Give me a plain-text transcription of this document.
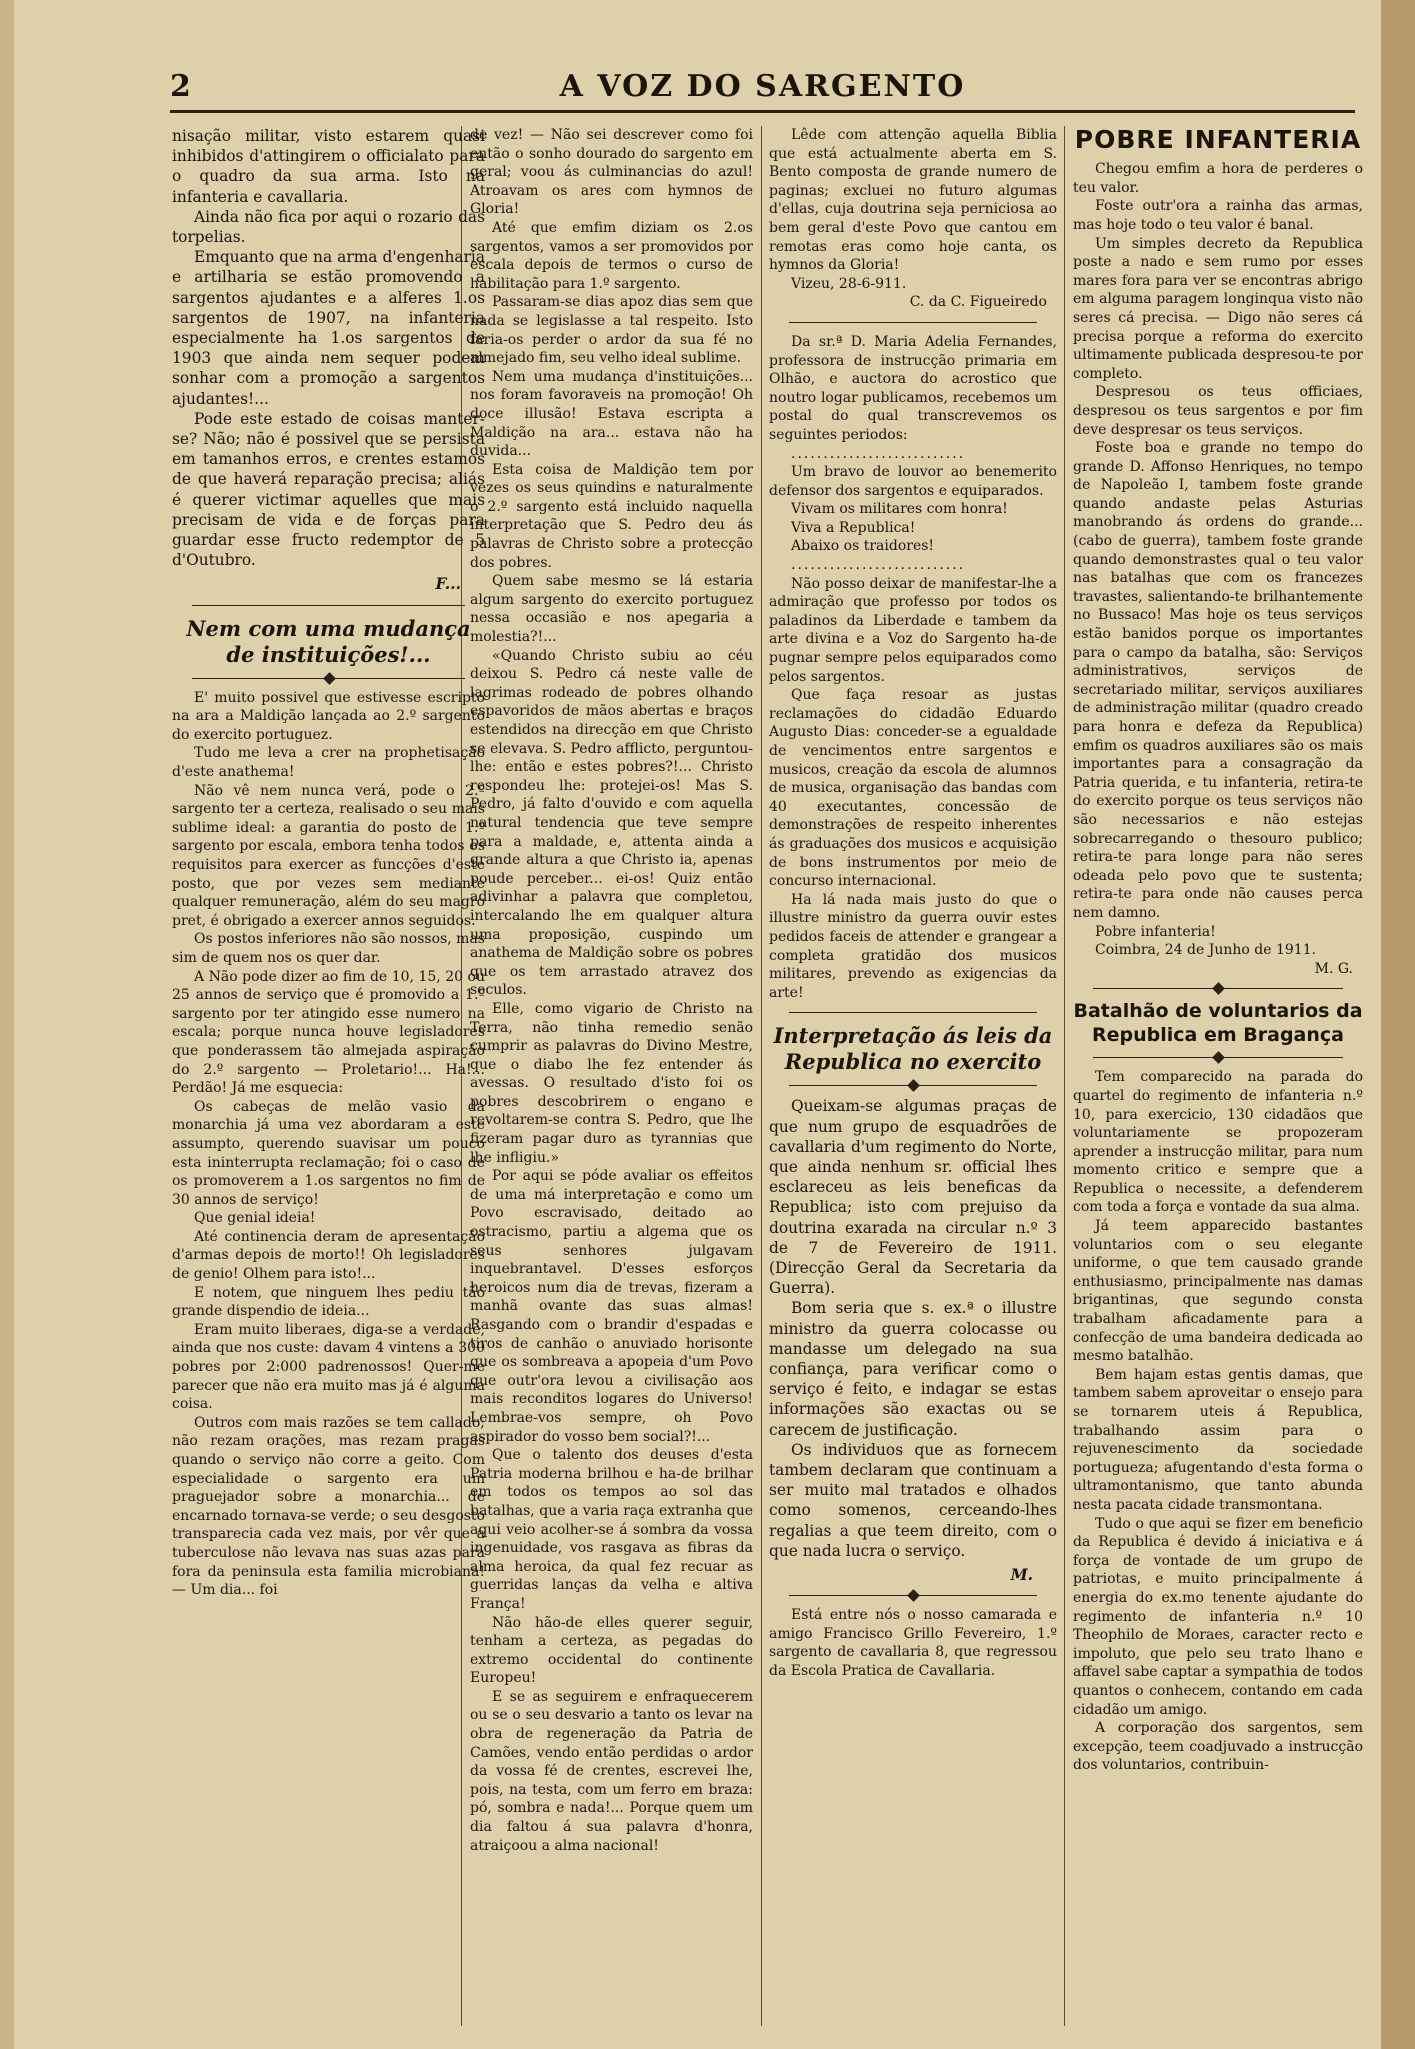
2	A VOZ DO SARGENTO

nisação militar, visto estarem quasi inhibidos d'attingirem o officialato para o quadro da sua arma. Isto na infanteria e cavallaria.

Ainda não fica por aqui o rozario das torpelias.

Emquanto que na arma d'engenharia e artilharia se estão promovendo a sargentos ajudantes e a alferes 1.os sargentos de 1907, na infanteria especialmente ha 1.os sargentos de 1903 que ainda nem sequer podem sonhar com a promoção a sargentos ajudantes!...

Pode este estado de coisas manter-se? Não; não é possivel que se persista em tamanhos erros, e crentes estamos de que haverá reparação precisa; aliás é querer victimar aquelles que mais precisam de vida e de forças para guardar esse fructo redemptor de 5 d'Outubro.

F...
Nem com uma mudança de instituições!...

E' muito possivel que estivesse escripto na ara a Maldição lançada ao 2.º sargento do exercito portuguez.

Tudo me leva a crer na prophetisação d'este anathema!

Não vê nem nunca verá, pode o 2.º sargento ter a certeza, realisado o seu mais sublime ideal: a garantia do posto de 1.º sargento por escala, embora tenha todos os requisitos para exercer as funcções d'este posto, que por vezes sem mediante qualquer remuneração, além do seu magro pret, é obrigado a exercer annos seguidos.

Os postos inferiores não são nossos, mas sim de quem nos os quer dar.

A Não pode dizer ao fim de 10, 15, 20 ou 25 annos de serviço que é promovido a 1.º sargento por ter atingido esse numero na escala; porque nunca houve legisladores que ponderassem tão almejada aspiração do 2.º sargento — Proletario!... Ha!... Perdão! Já me esquecia:

Os cabeças de melão vasio da monarchia já uma vez abordaram a este assumpto, querendo suavisar um pouco esta ininterrupta reclamação; foi o caso de os promoverem a 1.os sargentos no fim de 30 annos de serviço!

Que genial ideia!

Até continencia deram de apresentação d'armas depois de morto!! Oh legisladores de genio! Olhem para isto!...

E notem, que ninguem lhes pediu tão grande dispendio de ideia...

Eram muito liberaes, diga-se a verdade, ainda que nos custe: davam 4 vintens a 300 pobres por 2:000 padrenossos! Quer-me parecer que não era muito mas já é alguma coisa.

Outros com mais razões se tem callado; não rezam orações, mas rezam pragas quando o serviço não corre a geito. Com especialidade o sargento era um praguejador sobre a monarchia... de encarnado tornava-se verde; o seu desgosto transparecia cada vez mais, por vêr que a tuberculose não levava nas suas azas para fora da peninsula esta familia microbiana! — Um dia... foi

de vez! — Não sei descrever como foi então o sonho dourado do sargento em geral; voou ás culminancias do azul! Atroavam os ares com hymnos de Gloria!

Até que emfim diziam os 2.os sargentos, vamos a ser promovidos por escala depois de termos o curso de habilitação para 1.º sargento.

Passaram-se dias apoz dias sem que nada se legislasse a tal respeito. Isto faria-os perder o ardor da sua fé no almejado fim, seu velho ideal sublime.

Nem uma mudança d'instituições... nos foram favoraveis na promoção! Oh doce illusão! Estava escripta a Maldição na ara... estava não ha duvida...

Esta coisa de Maldição tem por vezes os seus quindins e naturalmente o 2.º sargento está incluido naquella interpretação que S. Pedro deu ás palavras de Christo sobre a protecção dos pobres.

Quem sabe mesmo se lá estaria algum sargento do exercito portuguez nessa occasião e nos apegaria a molestia?!...

«Quando Christo subiu ao céu deixou S. Pedro cá neste valle de lagrimas rodeado de pobres olhando espavoridos de mãos abertas e braços estendidos na direcção em que Christo se elevava. S. Pedro afflicto, perguntou-lhe: então e estes pobres?!... Christo respondeu lhe: protejei-os! Mas S. Pedro, já falto d'ouvido e com aquella natural tendencia que teve sempre para a maldade, e, attenta ainda a grande altura a que Christo ia, apenas poude perceber... ei-os! Quiz então adivinhar a palavra que completou, intercalando lhe em qualquer altura uma proposição, cuspindo um anathema de Maldição sobre os pobres que os tem arrastado atravez dos seculos.

Elle, como vigario de Christo na Terra, não tinha remedio senão cumprir as palavras do Divino Mestre, que o diabo lhe fez entender ás avessas. O resultado d'isto foi os pobres descobrirem o engano e revoltarem-se contra S. Pedro, que lhe fizeram pagar duro as tyrannias que lhe infligiu.»

Por aqui se póde avaliar os effeitos de uma má interpretação e como um Povo escravisado, deitado ao ostracismo, partiu a algema que os seus senhores julgavam inquebrantavel. D'esses esforços heroicos num dia de trevas, fizeram a manhã ovante das suas almas! Rasgando com o brandir d'espadas e tiros de canhão o anuviado horisonte que os sombreava a apopeia d'um Povo que outr'ora levou a civilisação aos mais reconditos logares do Universo! Lembrae-vos sempre, oh Povo aspirador do vosso bem social?!...

Que o talento dos deuses d'esta Patria moderna brilhou e ha-de brilhar em todos os tempos ao sol das batalhas, que a varia raça extranha que aqui veio acolher-se á sombra da vossa ingenuidade, vos rasgava as fibras da alma heroica, da qual fez recuar as guerridas lanças da velha e altiva França!

Não hão-de elles querer seguir, tenham a certeza, as pegadas do extremo occidental do continente Europeu!

E se as seguirem e enfraquecerem ou se o seu desvario a tanto os levar na obra de regeneração da Patria de Camões, vendo então perdidas o ardor da vossa fé de crentes, escrevei lhe, pois, na testa, com um ferro em braza: pó, sombra e nada!... Porque quem um dia faltou á sua palavra d'honra, atraiçoou a alma nacional!

Lêde com attenção aquella Biblia que está actualmente aberta em S. Bento composta de grande numero de paginas; excluei no futuro algumas d'ellas, cuja doutrina seja perniciosa ao bem geral d'este Povo que cantou em remotas eras como hoje canta, os hymnos da Gloria!

Vizeu, 28-6-911.

C. da C. Figueiredo

Da sr.ª D. Maria Adelia Fernandes, professora de instrucção primaria em Olhão, e auctora do acrostico que noutro logar publicamos, recebemos um postal do qual transcrevemos os seguintes periodos:

...........................

Um bravo de louvor ao benemerito defensor dos sargentos e equiparados.

Vivam os militares com honra!

Viva a Republica!

Abaixo os traidores!

...........................

Não posso deixar de manifestar-lhe a admiração que professo por todos os paladinos da Liberdade e tambem da arte divina e a Voz do Sargento ha-de pugnar sempre pelos equiparados como pelos sargentos.

Que faça resoar as justas reclamações do cidadão Eduardo Augusto Dias: conceder-se a egualdade de vencimentos entre sargentos e musicos, creação da escola de alumnos de musica, organisação das bandas com 40 executantes, concessão de demonstrações de respeito inherentes ás graduações dos musicos e acquisição de bons instrumentos por meio de concurso internacional.

Ha lá nada mais justo do que o illustre ministro da guerra ouvir estes pedidos faceis de attender e grangear a completa gratidão dos musicos militares, prevendo as exigencias da arte!

Interpretação ás leis da Republica no exercito

Queixam-se algumas praças de que num grupo de esquadrões de cavallaria d'um regimento do Norte, que ainda nenhum sr. official lhes esclareceu as leis beneficas da Republica; isto com prejuiso da doutrina exarada na circular n.º 3 de 7 de Fevereiro de 1911. (Direcção Geral da Secretaria da Guerra).

Bom seria que s. ex.ª o illustre ministro da guerra colocasse ou mandasse um delegado na sua confiança, para verificar como o serviço é feito, e indagar se estas informações são exactas ou se carecem de justificação.

Os individuos que as fornecem tambem declaram que continuam a ser muito mal tratados e olhados como somenos, cerceando-lhes regalias a que teem direito, com o que nada lucra o serviço.

M.

Está entre nós o nosso camarada e amigo Francisco Grillo Fevereiro, 1.º sargento de cavallaria 8, que regressou da Escola Pratica de Cavallaria.

POBRE INFANTERIA

Chegou emfim a hora de perderes o teu valor.

Foste outr'ora a rainha das armas, mas hoje todo o teu valor é banal.

Um simples decreto da Republica poste a nado e sem rumo por esses mares fora para ver se encontras abrigo em alguma paragem longinqua visto não seres cá precisa. — Digo não seres cá precisa porque a reforma do exercito ultimamente publicada despresou-te por completo.

Despresou os teus officiaes, despresou os teus sargentos e por fim deve despresar os teus serviços.

Foste boa e grande no tempo do grande D. Affonso Henriques, no tempo de Napoleão I, tambem foste grande quando andaste pelas Asturias manobrando ás ordens do grande... (cabo de guerra), tambem foste grande quando demonstrastes qual o teu valor nas batalhas que com os francezes travastes, salientando-te brilhantemente no Bussaco! Mas hoje os teus serviços estão banidos porque os importantes para o campo da batalha, são: Serviços administrativos, serviços de secretariado militar, serviços auxiliares de administração militar (quadro creado para honra e defeza da Republica) emfim os quadros auxiliares são os mais importantes para a consagração da Patria querida, e tu infanteria, retira-te do exercito porque os teus serviços não são necessarios e não estejas sobrecarregando o thesouro publico; retira-te para longe para não seres odeada pelo povo que te sustenta; retira-te para onde não causes perca nem damno.

Pobre infanteria!

Coimbra, 24 de Junho de 1911.

M. G.

Batalhão de voluntarios da Republica em Bragança

Tem comparecido na parada do quartel do regimento de infanteria n.º 10, para exercicio, 130 cidadãos que voluntariamente se propozeram aprender a instrucção militar, para num momento critico e sempre que a Republica o necessite, a defenderem com toda a força e vontade da sua alma.

Já teem apparecido bastantes voluntarios com o seu elegante uniforme, o que tem causado grande enthusiasmo, principalmente nas damas brigantinas, que segundo consta trabalham aficadamente para a confecção de uma bandeira dedicada ao mesmo batalhão.

Bem hajam estas gentis damas, que tambem sabem aproveitar o ensejo para se tornarem uteis á Republica, trabalhando assim para o rejuvenescimento da sociedade portugueza; afugentando d'esta forma o ultramontanismo, que tanto abunda nesta pacata cidade transmontana.

Tudo o que aqui se fizer em beneficio da Republica é devido á iniciativa e á força de vontade de um grupo de patriotas, e muito principalmente á energia do ex.mo tenente ajudante do regimento de infanteria n.º 10 Theophilo de Moraes, caracter recto e impoluto, que pelo seu trato lhano e affavel sabe captar a sympathia de todos quantos o conhecem, contando em cada cidadão um amigo.

A corporação dos sargentos, sem excepção, teem coadjuvado a instrucção dos voluntarios, contribuin-
